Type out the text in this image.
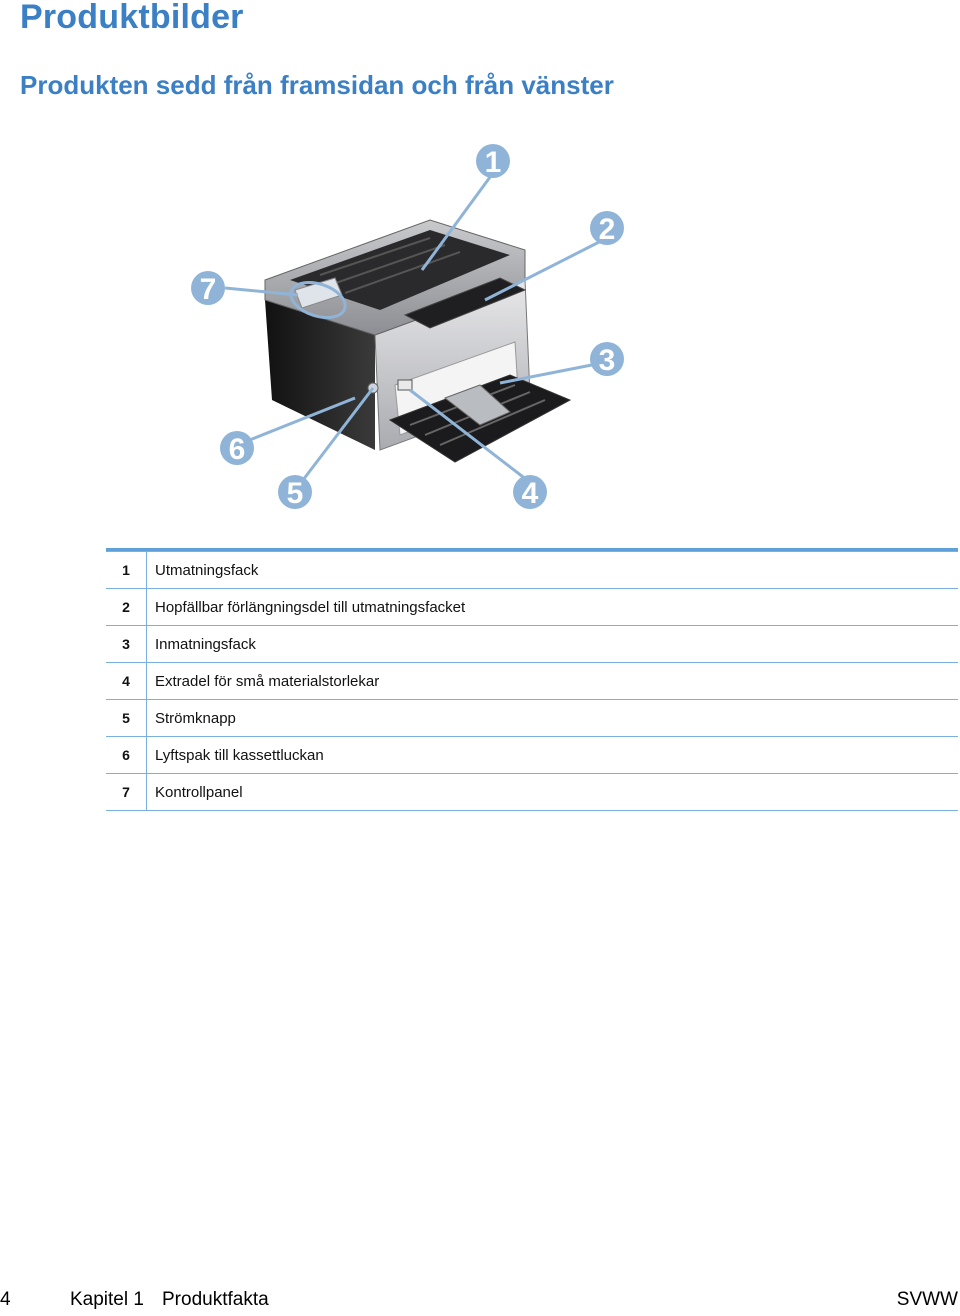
Produktbilder
Produkten sedd från framsidan och från vänster
1
2
3
4
5
6
7

1	Utmatningsfack
2	Hopfällbar förlängningsdel till utmatningsfacket
3	Inmatningsfack
4	Extradel för små materialstorlekar
5	Strömknapp
6	Lyftspak till kassettluckan
7	Kontrollpanel
4	Kapitel 1 Produktfakta	SVWW
